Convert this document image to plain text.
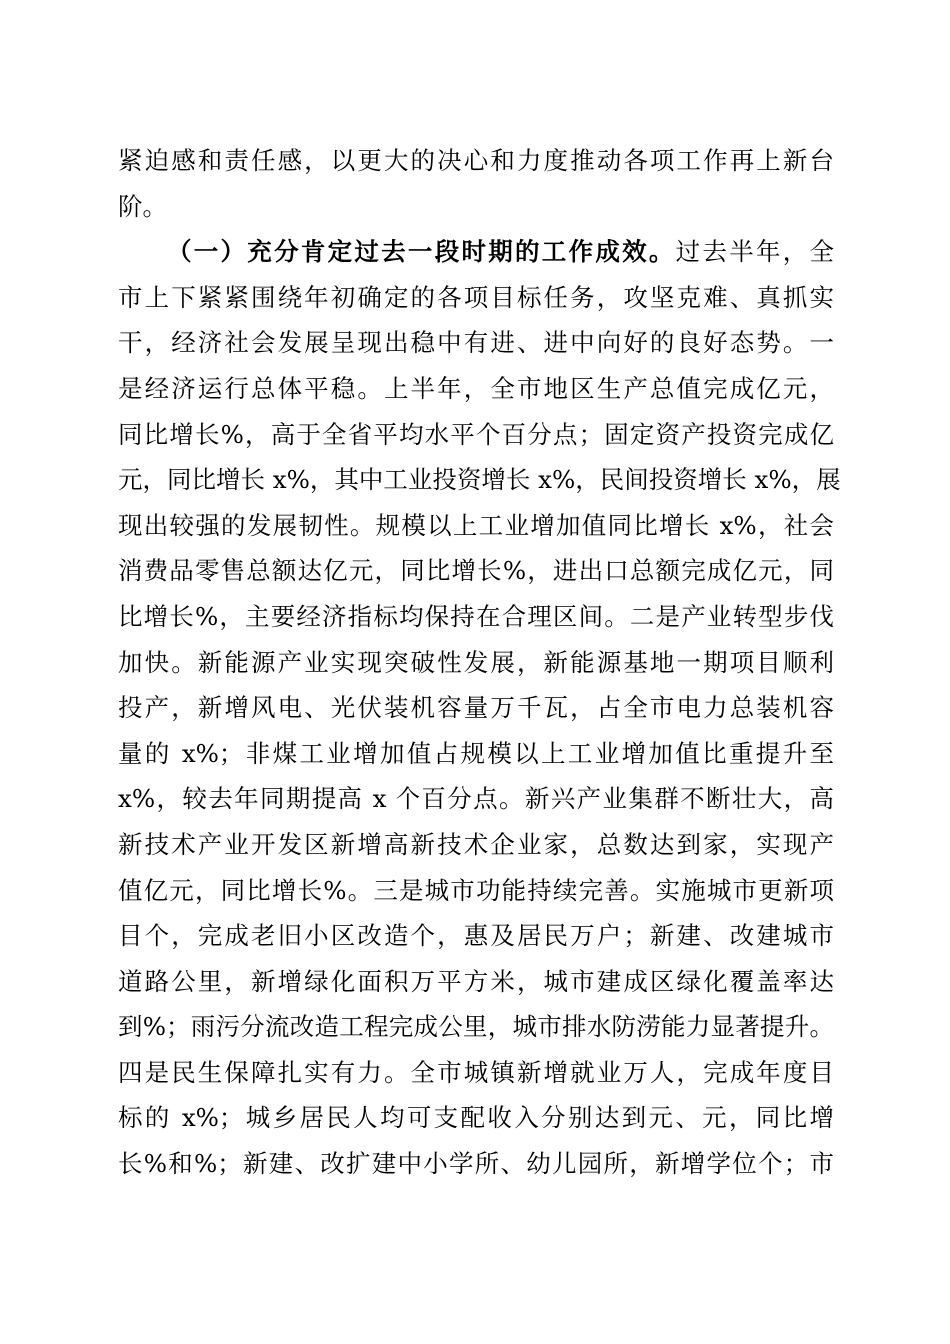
紧迫感和责任感，以更大的决心和力度推动各项工作再上新台
阶。
（一）充分肯定过去一段时期的工作成效。过去半年，全
市上下紧紧围绕年初确定的各项目标任务，攻坚克难、真抓实
干，经济社会发展呈现出稳中有进、进中向好的良好态势。一
是经济运行总体平稳。上半年，全市地区生产总值完成亿元，
同比增长%，高于全省平均水平个百分点；固定资产投资完成亿
元，同比增长 x%，其中工业投资增长 x%，民间投资增长 x%，展
现出较强的发展韧性。规模以上工业增加值同比增长 x%，社会
消费品零售总额达亿元，同比增长%，进出口总额完成亿元，同
比增长%，主要经济指标均保持在合理区间。二是产业转型步伐
加快。新能源产业实现突破性发展，新能源基地一期项目顺利
投产，新增风电、光伏装机容量万千瓦，占全市电力总装机容
量的 x%；非煤工业增加值占规模以上工业增加值比重提升至
x%，较去年同期提高 x 个百分点。新兴产业集群不断壮大，高
新技术产业开发区新增高新技术企业家，总数达到家，实现产
值亿元，同比增长%。三是城市功能持续完善。实施城市更新项
目个，完成老旧小区改造个，惠及居民万户；新建、改建城市
道路公里，新增绿化面积万平方米，城市建成区绿化覆盖率达
到%；雨污分流改造工程完成公里，城市排水防涝能力显著提升。
四是民生保障扎实有力。全市城镇新增就业万人，完成年度目
标的 x%；城乡居民人均可支配收入分别达到元、元，同比增
长%和%；新建、改扩建中小学所、幼儿园所，新增学位个；市
